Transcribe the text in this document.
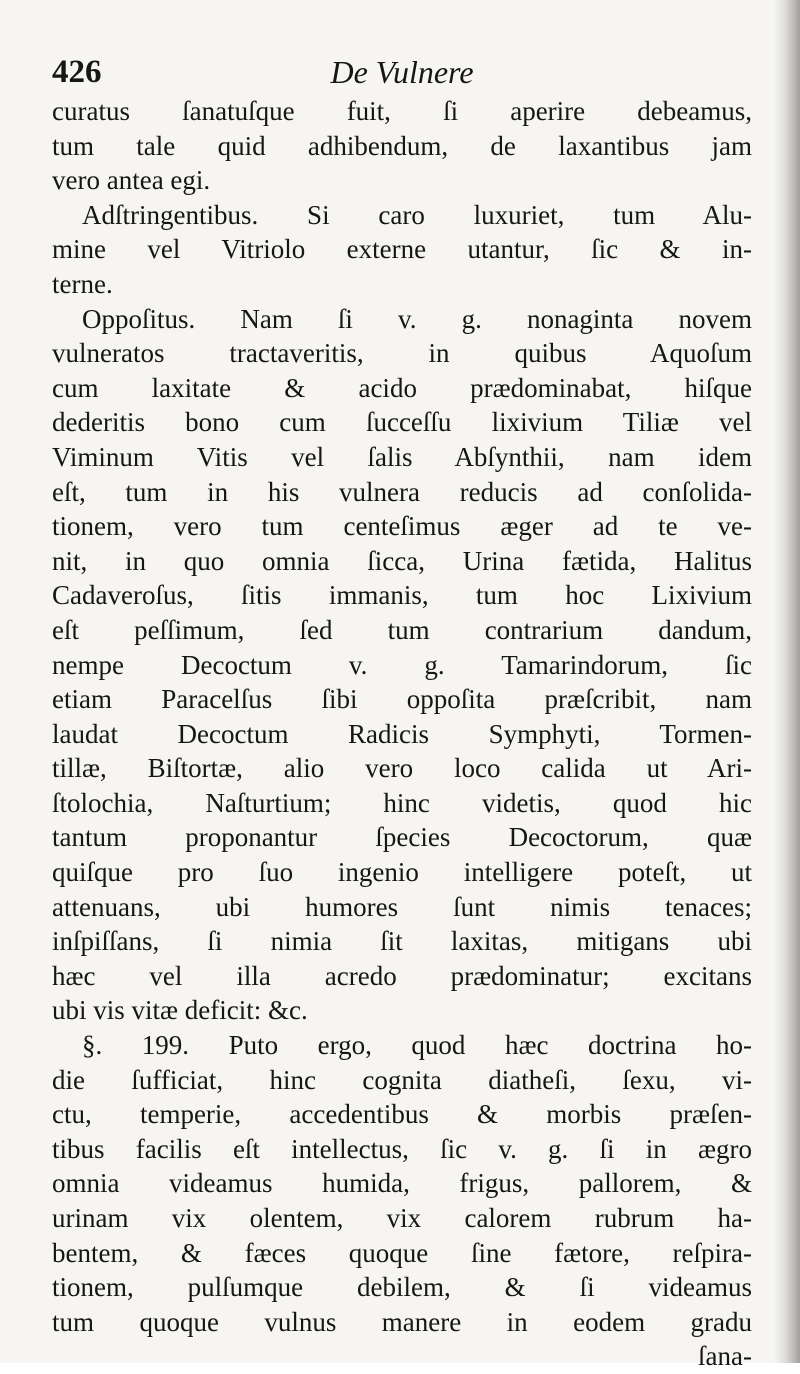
426	De Vulnere
curatus ſanatuſque fuit, ſi aperire debeamus,
tum tale quid adhibendum, de laxantibus jam
vero antea egi.
Adſtringentibus. Si caro luxuriet, tum Alu-
mine vel Vitriolo externe utantur, ſic & in-
terne.
Oppoſitus. Nam ſi v. g. nonaginta novem
vulneratos tractaveritis, in quibus Aquoſum
cum laxitate & acido prædominabat, hiſque
dederitis bono cum ſucceſſu lixivium Tiliæ vel
Viminum Vitis vel ſalis Abſynthii, nam idem
eſt, tum in his vulnera reducis ad conſolida-
tionem, vero tum centeſimus æger ad te ve-
nit, in quo omnia ſicca, Urina fætida, Halitus
Cadaveroſus, ſitis immanis, tum hoc Lixivium
eſt peſſimum, ſed tum contrarium dandum,
nempe Decoctum v. g. Tamarindorum, ſic
etiam Paracelſus ſibi oppoſita præſcribit, nam
laudat Decoctum Radicis Symphyti, Tormen-
tillæ, Biſtortæ, alio vero loco calida ut Ari-
ſtolochia, Naſturtium; hinc videtis, quod hic
tantum proponantur ſpecies Decoctorum, quæ
quiſque pro ſuo ingenio intelligere poteſt, ut
attenuans, ubi humores ſunt nimis tenaces;
inſpiſſans, ſi nimia ſit laxitas, mitigans ubi
hæc vel illa acredo prædominatur; excitans
ubi vis vitæ deficit: &c.
§. 199. Puto ergo, quod hæc doctrina ho-
die ſufficiat, hinc cognita diatheſi, ſexu, vi-
ctu, temperie, accedentibus & morbis præſen-
tibus facilis eſt intellectus, ſic v. g. ſi in ægro
omnia videamus humida, frigus, pallorem, &
urinam vix olentem, vix calorem rubrum ha-
bentem, & fæces quoque ſine fætore, reſpira-
tionem, pulſumque debilem, & ſi videamus
tum quoque vulnus manere in eodem gradu
ſana-
